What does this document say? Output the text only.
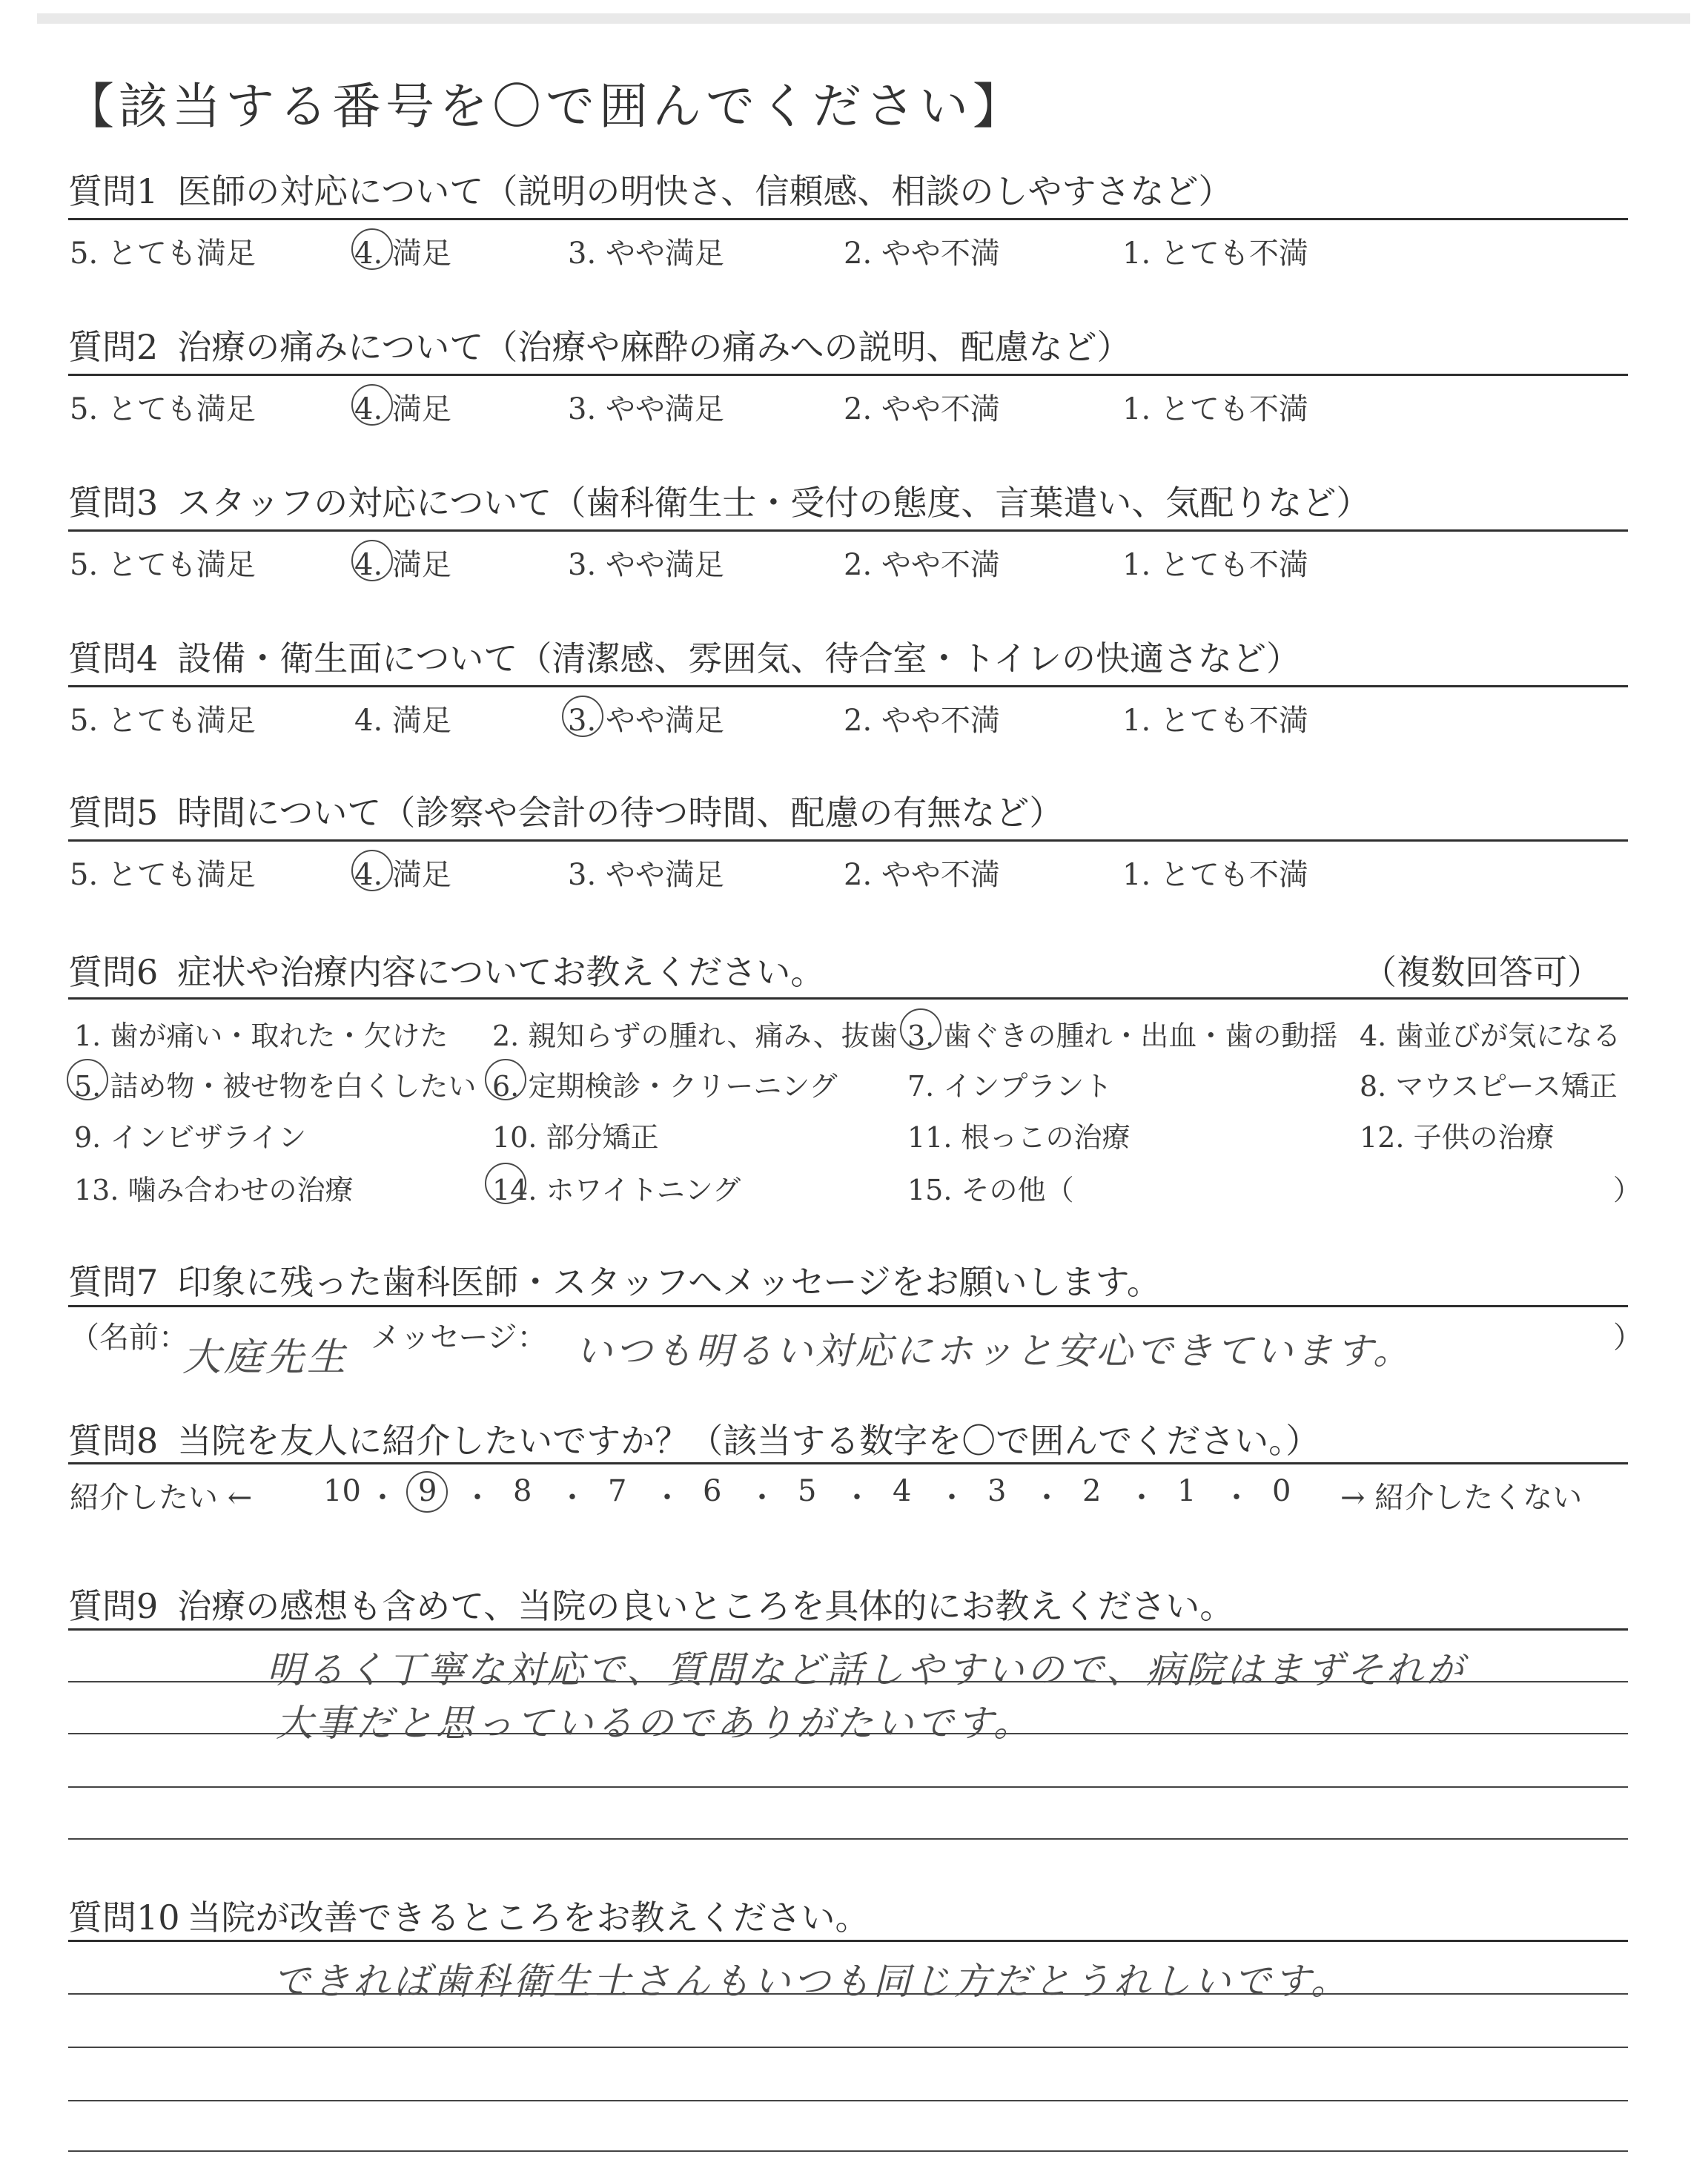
【該当する番号を〇で囲んでください】
質問1 医師の対応について（説明の明快さ、信頼感、相談のしやすさなど）
5. とても満足	4. 満足	3. やや満足	2. やや不満	1. とても不満
質問2 治療の痛みについて（治療や麻酔の痛みへの説明、配慮など）
5. とても満足	4. 満足	3. やや満足	2. やや不満	1. とても不満
質問3 スタッフの対応について（歯科衛生士・受付の態度、言葉遣い、気配りなど）
5. とても満足	4. 満足	3. やや満足	2. やや不満	1. とても不満
質問4 設備・衛生面について（清潔感、雰囲気、待合室・トイレの快適さなど）
5. とても満足	4. 満足	3. やや満足	2. やや不満	1. とても不満
質問5 時間について（診察や会計の待つ時間、配慮の有無など）
5. とても満足	4. 満足	3. やや満足	2. やや不満	1. とても不満
質問6 症状や治療内容についてお教えください。	（複数回答可）
1. 歯が痛い・取れた・欠けた 2. 親知らずの腫れ、痛み、抜歯 3. 歯ぐきの腫れ・出血・歯の動揺 4. 歯並びが気になる
5. 詰め物・被せ物を白くしたい 6. 定期検診・クリーニング 7. インプラント	8. マウスピース矯正
9. インビザライン	10. 部分矯正	11. 根っこの治療	12. 子供の治療
13. 噛み合わせの治療	14. ホワイトニング	15. その他（	）
質問7 印象に残った歯科医師・スタッフへメッセージをお願いします。
（名前：
大庭先生 メッセージ： いつも明るい対応にホッと安心できています。	）
質問8 当院を友人に紹介したいですか？（該当する数字を〇で囲んでください。）
紹介したい ← 10 ・ 9 ・ 8 ・ 7 ・ 6 ・ 5 ・ 4 ・ 3 ・ 2 ・ 1 ・ 0 → 紹介したくない
質問9 治療の感想も含めて、当院の良いところを具体的にお教えください。
明るく丁寧な対応で、質問など話しやすいので、病院はまずそれが
大事だと思っているのでありがたいです。
質問10 当院が改善できるところをお教えください。
できれば歯科衛生士さんもいつも同じ方だとうれしいです。
